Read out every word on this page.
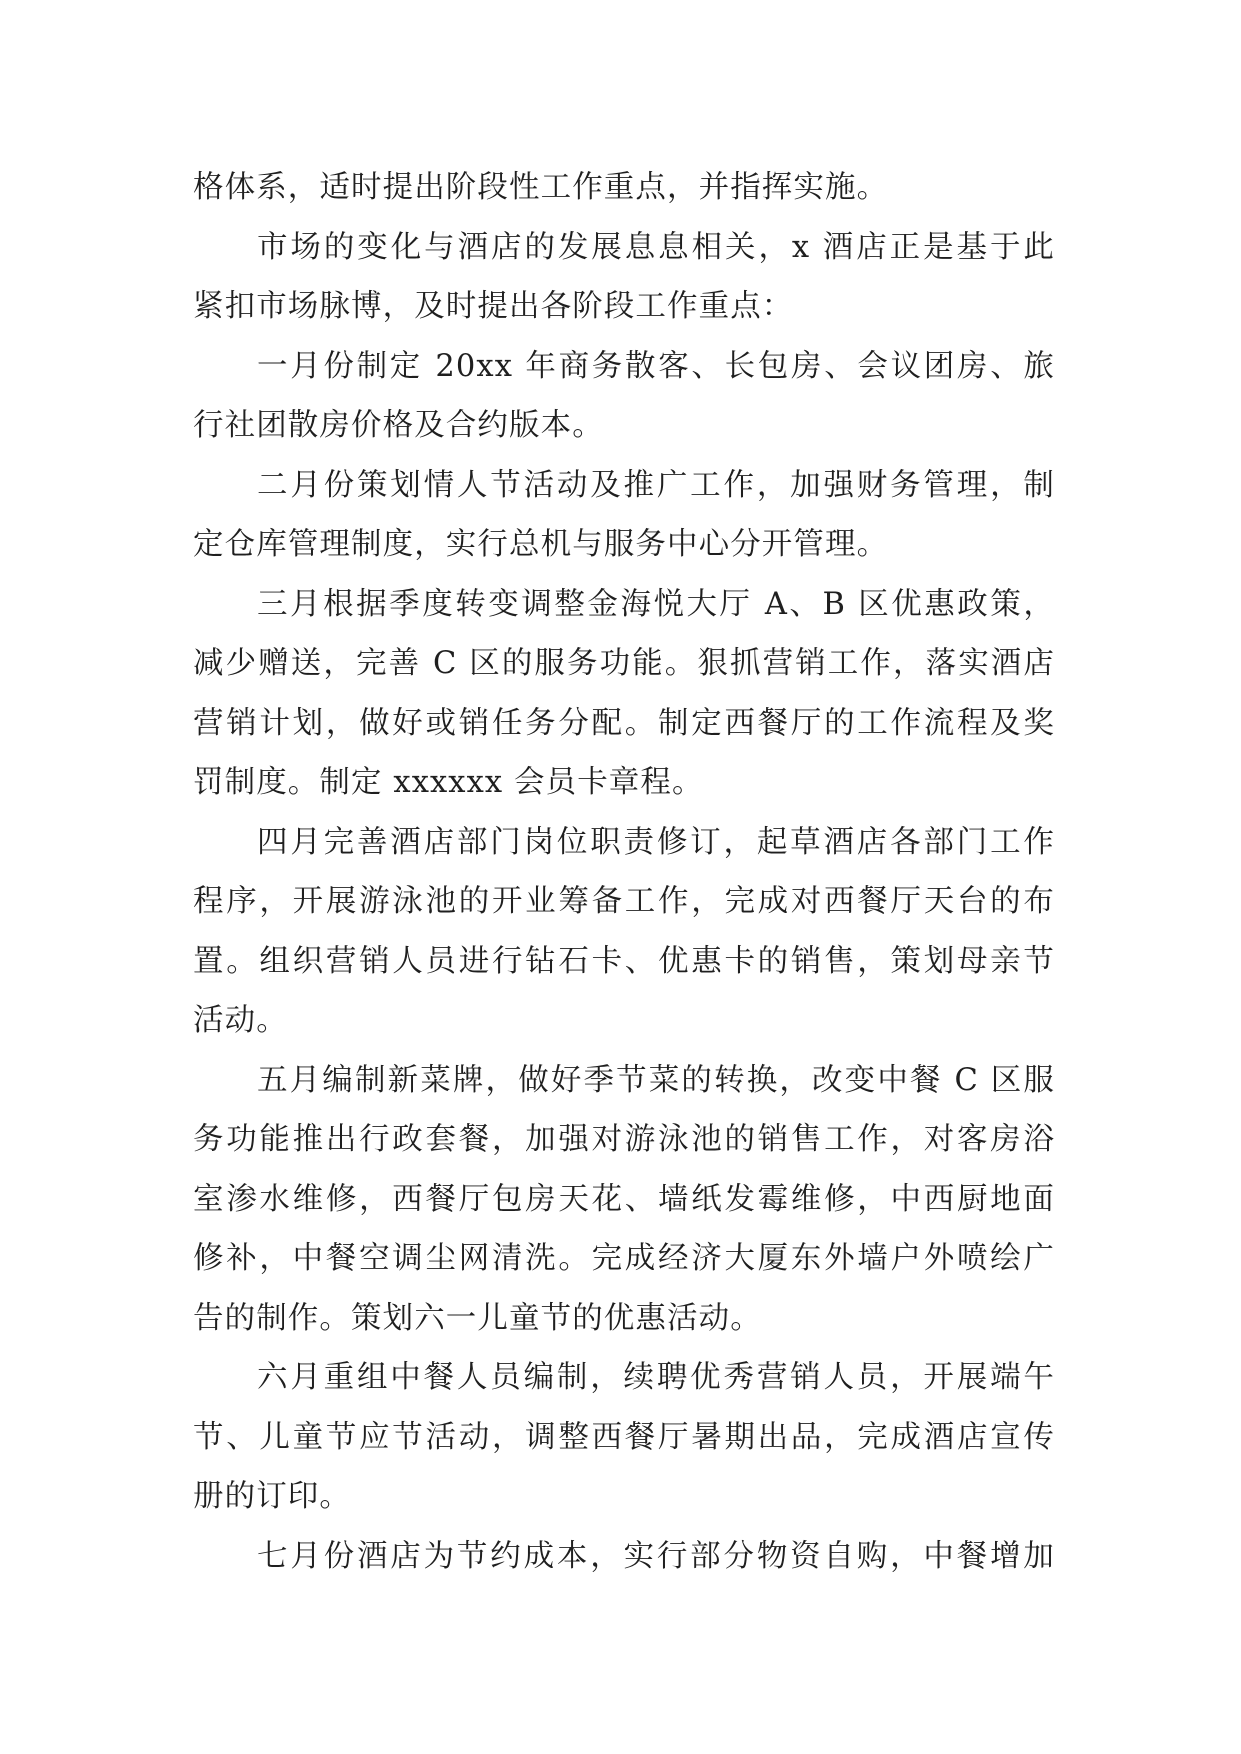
格体系，适时提出阶段性工作重点，并指挥实施。
市场的变化与酒店的发展息息相关，x 酒店正是基于此
紧扣市场脉博，及时提出各阶段工作重点：
一月份制定 20xx 年商务散客、长包房、会议团房、旅
行社团散房价格及合约版本。
二月份策划情人节活动及推广工作，加强财务管理，制
定仓库管理制度，实行总机与服务中心分开管理。
三月根据季度转变调整金海悦大厅 A、B 区优惠政策，
减少赠送，完善 C 区的服务功能。狠抓营销工作，落实酒店
营销计划，做好或销任务分配。制定西餐厅的工作流程及奖
罚制度。制定 xxxxxx 会员卡章程。
四月完善酒店部门岗位职责修订，起草酒店各部门工作
程序，开展游泳池的开业筹备工作，完成对西餐厅天台的布
置。组织营销人员进行钻石卡、优惠卡的销售，策划母亲节
活动。
五月编制新菜牌，做好季节菜的转换，改变中餐 C 区服
务功能推出行政套餐，加强对游泳池的销售工作，对客房浴
室渗水维修，西餐厅包房天花、墙纸发霉维修，中西厨地面
修补，中餐空调尘网清洗。完成经济大厦东外墙户外喷绘广
告的制作。策划六一儿童节的优惠活动。
六月重组中餐人员编制，续聘优秀营销人员，开展端午
节、儿童节应节活动，调整西餐厅暑期出品，完成酒店宣传
册的订印。
七月份酒店为节约成本，实行部分物资自购，中餐增加
